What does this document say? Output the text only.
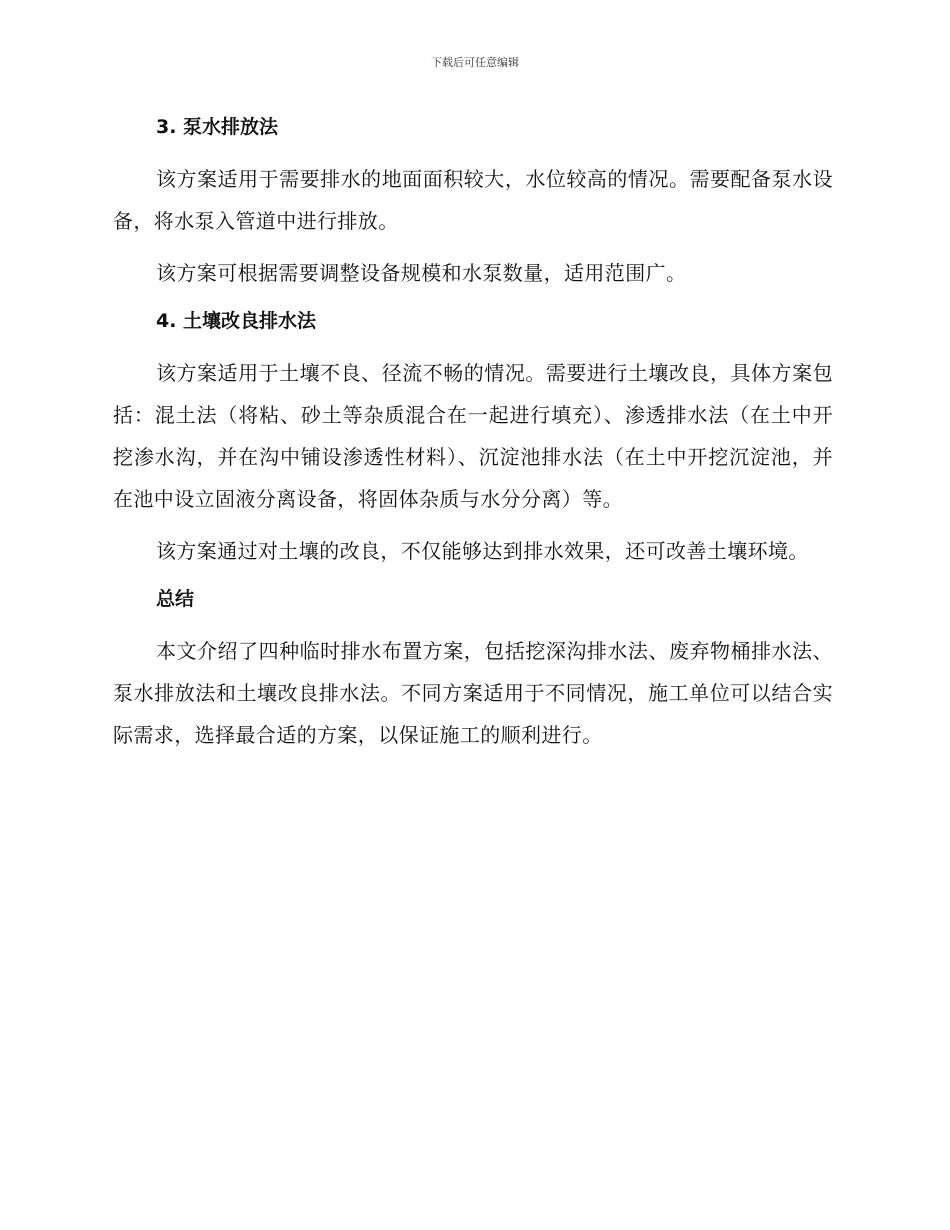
下载后可任意编辑
3. 泵水排放法

该方案适用于需要排水的地面面积较大，水位较高的情况。需要配备泵水设备，将水泵入管道中进行排放。

该方案可根据需要调整设备规模和水泵数量，适用范围广。

4. 土壤改良排水法

该方案适用于土壤不良、径流不畅的情况。需要进行土壤改良，具体方案包括：混土法（将粘、砂土等杂质混合在一起进行填充）、渗透排水法（在土中开挖渗水沟，并在沟中铺设渗透性材料）、沉淀池排水法（在土中开挖沉淀池，并在池中设立固液分离设备，将固体杂质与水分分离）等。

该方案通过对土壤的改良，不仅能够达到排水效果，还可改善土壤环境。

总结

本文介绍了四种临时排水布置方案，包括挖深沟排水法、废弃物桶排水法、泵水排放法和土壤改良排水法。不同方案适用于不同情况，施工单位可以结合实际需求，选择最合适的方案，以保证施工的顺利进行。
